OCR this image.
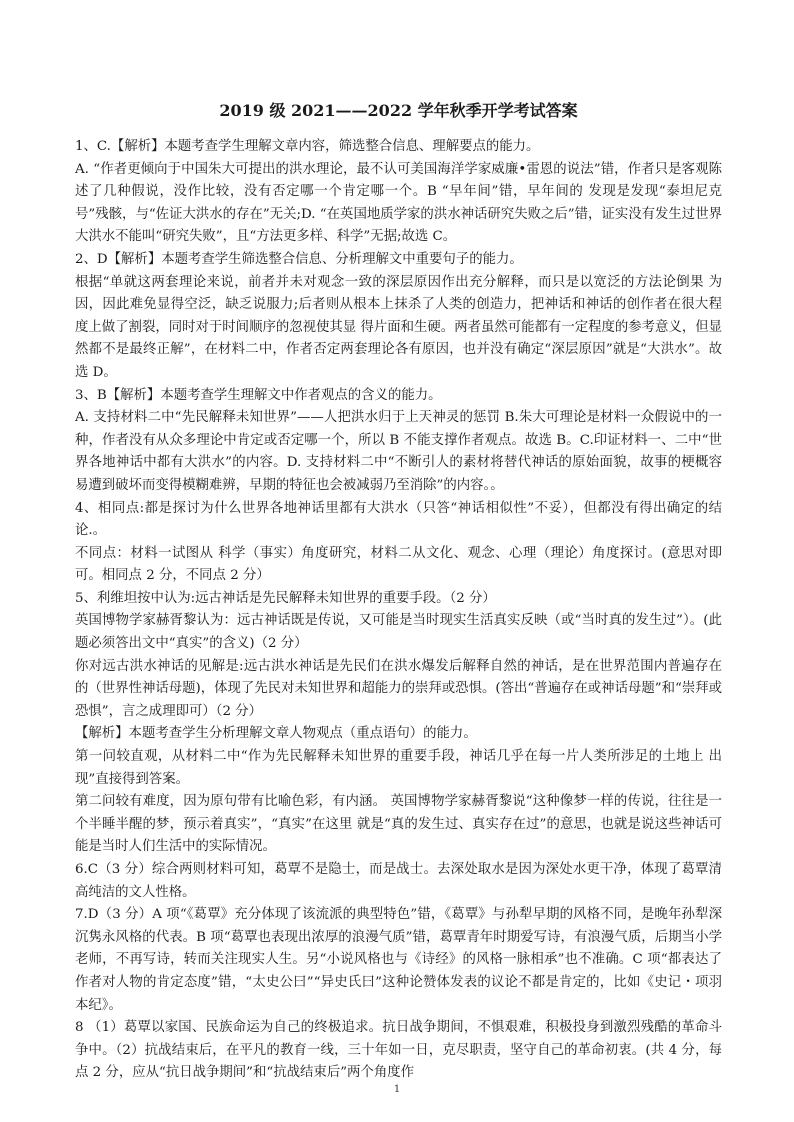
2019 级 2021——2022 学年秋季开学考试答案

1、C.【解析】本题考查学生理解文章内容，筛选整合信息、理解要点的能力。

A. “作者更倾向于中国朱大可提出的洪水理论，最不认可美国海洋学家威廉•雷恩的说法”错，作者只是客观陈述了几种假说，没作比较，没有否定哪一个肯定哪一个。B “早年间”错，早年间的 发现是发现“泰坦尼克号”残骸，与“佐证大洪水的存在”无关;D. “在英国地质学家的洪水神话研究失败之后”错，证实没有发生过世界大洪水不能叫“研究失败”，且“方法更多样、科学”无据;故选 C。

2、D【解析】本题考查学生筛选整合信息、分析理解文中重要句子的能力。

根据“单就这两套理论来说，前者并未对观念一致的深层原因作出充分解释，而只是以宽泛的方法论倒果 为因，因此难免显得空泛，缺乏说服力;后者则从根本上抹杀了人类的创造力，把神话和神话的创作者在很大程度上做了割裂，同时对于时间顺序的忽视使其显 得片面和生硬。两者虽然可能都有一定程度的参考意义，但显然都不是最终正解”，在材料二中，作者否定两套理论各有原因，也并没有确定“深层原因”就是“大洪水”。故选 D。

3、B【解析】本题考查学生理解文中作者观点的含义的能力。

A. 支持材料二中“先民解释未知世界”——人把洪水归于上天神灵的惩罚 B.朱大可理论是材料一众假说中的一种，作者没有从众多理论中肯定或否定哪一个，所以 B 不能支撑作者观点。故选 B。C.印证材料一、二中“世界各地神话中都有大洪水”的内容。D. 支持材料二中“不断引人的素材将替代神话的原始面貌，故事的梗概容易遭到破坏而变得模糊难辨，早期的特征也会被减弱乃至消除”的内容。。

4、相同点:都是探讨为什么世界各地神话里都有大洪水（只答“神话相似性”不妥），但都没有得出确定的结论.。

不同点：材料一试图从 科学（事实）角度研究，材料二从文化、观念、心理（理论）角度探讨。(意思对即可。相同点 2 分，不同点 2 分）

5、利维坦按中认为:远古神话是先民解释未知世界的重要手段。（2 分）

英国博物学家赫胥黎认为：远古神话既是传说，又可能是当时现实生活真实反映（或“当时真的发生过”）。(此题必须答出文中“真实”的含义)（2 分）

你对远古洪水神话的见解是:远古洪水神话是先民们在洪水爆发后解释自然的神话，是在世界范围内普遍存在的（世界性神话母题)，体现了先民对未知世界和超能力的崇拜或恐惧。(答出“普遍存在或神话母题”和“崇拜或恐惧”，言之成理即可）（2 分）

【解析】本题考查学生分析理解文章人物观点（重点语句）的能力。

第一问较直观，从材料二中“作为先民解释未知世界的重要手段，神话几乎在每一片人类所涉足的土地上 出现”直接得到答案。

第二问较有难度，因为原句带有比喻色彩，有内涵。 英国博物学家赫胥黎说“这种像梦一样的传说，往往是一个半睡半醒的梦，预示着真实”，“真实”在这里 就是“真的发生过、真实存在过”的意思，也就是说这些神话可能是当时人们生活中的实际情况。

6.C（3 分）综合两则材料可知，葛覃不是隐士，而是战士。去深处取水是因为深处水更干净，体现了葛覃清高纯洁的文人性格。

7.D（3 分）A 项“《葛覃》充分体现了该流派的典型特色”错，《葛覃》与孙犁早期的风格不同，是晚年孙犁深沉隽永风格的代表。B 项“葛覃也表现出浓厚的浪漫气质”错，葛覃青年时期爱写诗，有浪漫气质，后期当小学老师，不再写诗，转而关注现实人生。另“小说风格也与《诗经》的风格一脉相承”也不准确。C 项“都表达了作者对人物的肯定态度”错，“太史公曰”“异史氏曰”这种论赞体发表的议论不都是肯定的，比如《史记・项羽本纪》。

8 （1）葛覃以家国、民族命运为自己的终极追求。抗日战争期间，不惧艰难，积极投身到激烈残酷的革命斗争中。（2）抗战结束后，在平凡的教育一线，三十年如一日，克尽职责，坚守自己的革命初衷。(共 4 分，每点 2 分，应从“抗日战争期间”和“抗战结束后”两个角度作

1
